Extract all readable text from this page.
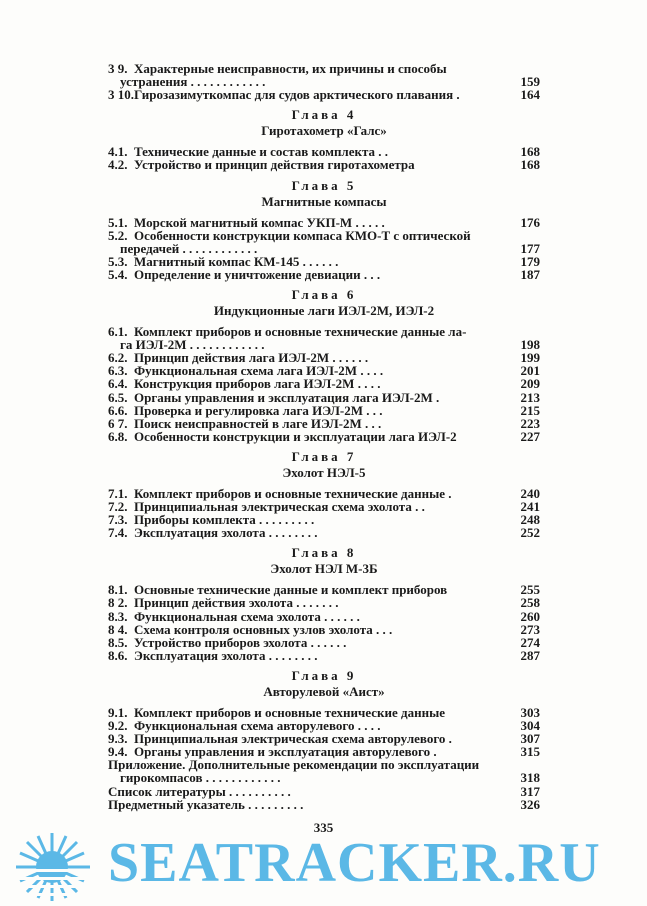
3 9. Характерные неисправности, их причины и способы
устранения . . . . . . . . . . . .	159
3 10.Гирозазимуткомпас для судов арктического плавания .	164
Глава 4
Гиротахометр «Галс»
4.1. Технические данные и состав комплекта . .	168
4.2. Устройство и принцип действия гиротахометра	168
Глава 5
Магнитные компасы
5.1. Морской магнитный компас УКП-М . . . . .	176
5.2. Особенности конструкции компаса КМО-Т с оптической
передачей . . . . . . . . . . . .	177
5.3. Магнитный компас КМ-145 . . . . . .	179
5.4. Определение и уничтожение девиации . . .	187
Глава 6
Индукционные лаги ИЭЛ-2М, ИЭЛ-2
6.1. Комплект приборов и основные технические данные ла-
га ИЭЛ-2М . . . . . . . . . . . .	198
6.2. Принцип действия лага ИЭЛ-2М . . . . . .	199
6.3. Функциональная схема лага ИЭЛ-2М . . . .	201
6.4. Конструкция приборов лага ИЭЛ-2М . . . .	209
6.5. Органы управления и эксплуатация лага ИЭЛ-2М .	213
6.6. Проверка и регулировка лага ИЭЛ-2М . . .	215
6 7. Поиск неисправностей в лаге ИЭЛ-2М . . .	223
6.8. Особенности конструкции и эксплуатации лага ИЭЛ-2	227
Глава 7
Эхолот НЭЛ-5
7.1. Комплект приборов и основные технические данные .	240
7.2. Принципиальная электрическая схема эхолота . .	241
7.3. Приборы комплекта . . . . . . . . .	248
7.4. Эксплуатация эхолота . . . . . . . .	252
Глава 8
Эхолот НЭЛ М-3Б
8.1. Основные технические данные и комплект приборов	255
8 2. Принцип действия эхолота . . . . . . .	258
8.3. Функциональная схема эхолота . . . . . .	260
8 4. Схема контроля основных узлов эхолота . . .	273
8.5. Устройство приборов эхолота . . . . . .	274
8.6. Эксплуатация эхолота . . . . . . . .	287
Глава 9
Авторулевой «Аист»
9.1. Комплект приборов и основные технические данные	303
9.2. Функциональная схема авторулевого . . . .	304
9.3. Принципиальная электрическая схема авторулевого .	307
9.4. Органы управления и эксплуатация авторулевого .	315
Приложение. Дополнительные рекомендации по эксплуатации
гирокомпасов . . . . . . . . . . . .	318
Список литературы . . . . . . . . . .	317
Предметный указатель . . . . . . . . .	326
335
SEATRACKER.RU
